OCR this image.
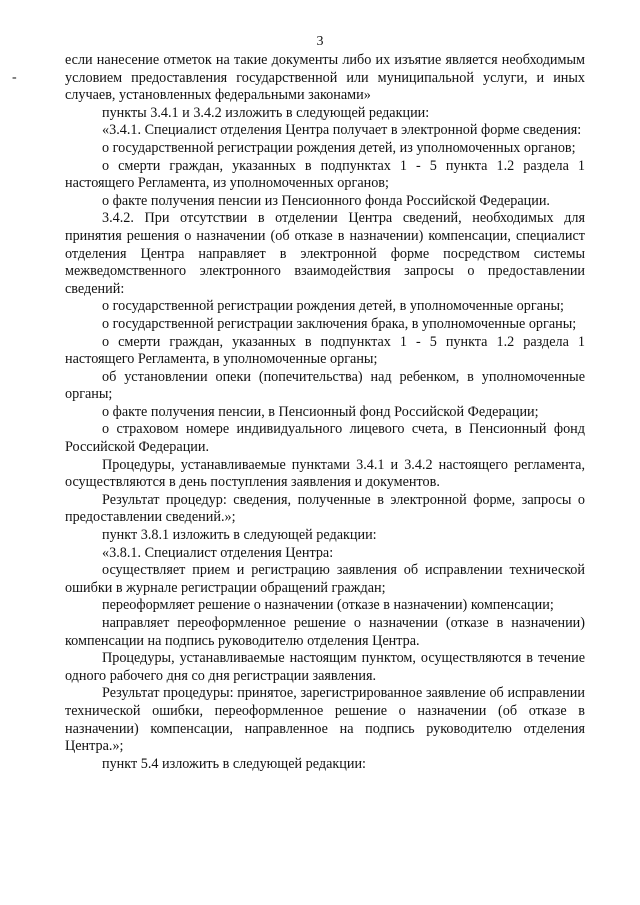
3
-

если нанесение отметок на такие документы либо их изъятие является необходимым условием предоставления государственной или муниципальной услуги, и иных случаев, установленных федеральными законами»

пункты 3.4.1 и 3.4.2 изложить в следующей редакции:

«3.4.1. Специалист отделения Центра получает в электронной форме сведения:

о государственной регистрации рождения детей, из уполномоченных органов;

о смерти граждан, указанных в подпунктах 1 - 5 пункта 1.2 раздела 1 настоящего Регламента, из уполномоченных органов;

о факте получения пенсии из Пенсионного фонда Российской Федерации.

3.4.2. При отсутствии в отделении Центра сведений, необходимых для принятия решения о назначении (об отказе в назначении) компенсации, специалист отделения Центра направляет в электронной форме посредством системы межведомственного электронного взаимодействия запросы о предоставлении сведений:

о государственной регистрации рождения детей, в уполномоченные органы;

о государственной регистрации заключения брака, в уполномоченные органы;

о смерти граждан, указанных в подпунктах 1 - 5 пункта 1.2 раздела 1 настоящего Регламента, в уполномоченные органы;

об установлении опеки (попечительства) над ребенком, в уполномоченные органы;

о факте получения пенсии, в Пенсионный фонд Российской Федерации;

о страховом номере индивидуального лицевого счета, в Пенсионный фонд Российской Федерации.

Процедуры, устанавливаемые пунктами 3.4.1 и 3.4.2 настоящего регламента, осуществляются в день поступления заявления и документов.

Результат процедур: сведения, полученные в электронной форме, запросы о предоставлении сведений.»;

пункт 3.8.1 изложить в следующей редакции:

«3.8.1. Специалист отделения Центра:

осуществляет прием и регистрацию заявления об исправлении технической ошибки в журнале регистрации обращений граждан;

переоформляет решение о назначении (отказе в назначении) компенсации;

направляет переоформленное решение о назначении (отказе в назначении) компенсации на подпись руководителю отделения Центра.

Процедуры, устанавливаемые настоящим пунктом, осуществляются в течение одного рабочего дня со дня регистрации заявления.

Результат процедуры: принятое, зарегистрированное заявление об исправлении технической ошибки, переоформленное решение о назначении (об отказе в назначении) компенсации, направленное на подпись руководителю отделения Центра.»;

пункт 5.4 изложить в следующей редакции:
